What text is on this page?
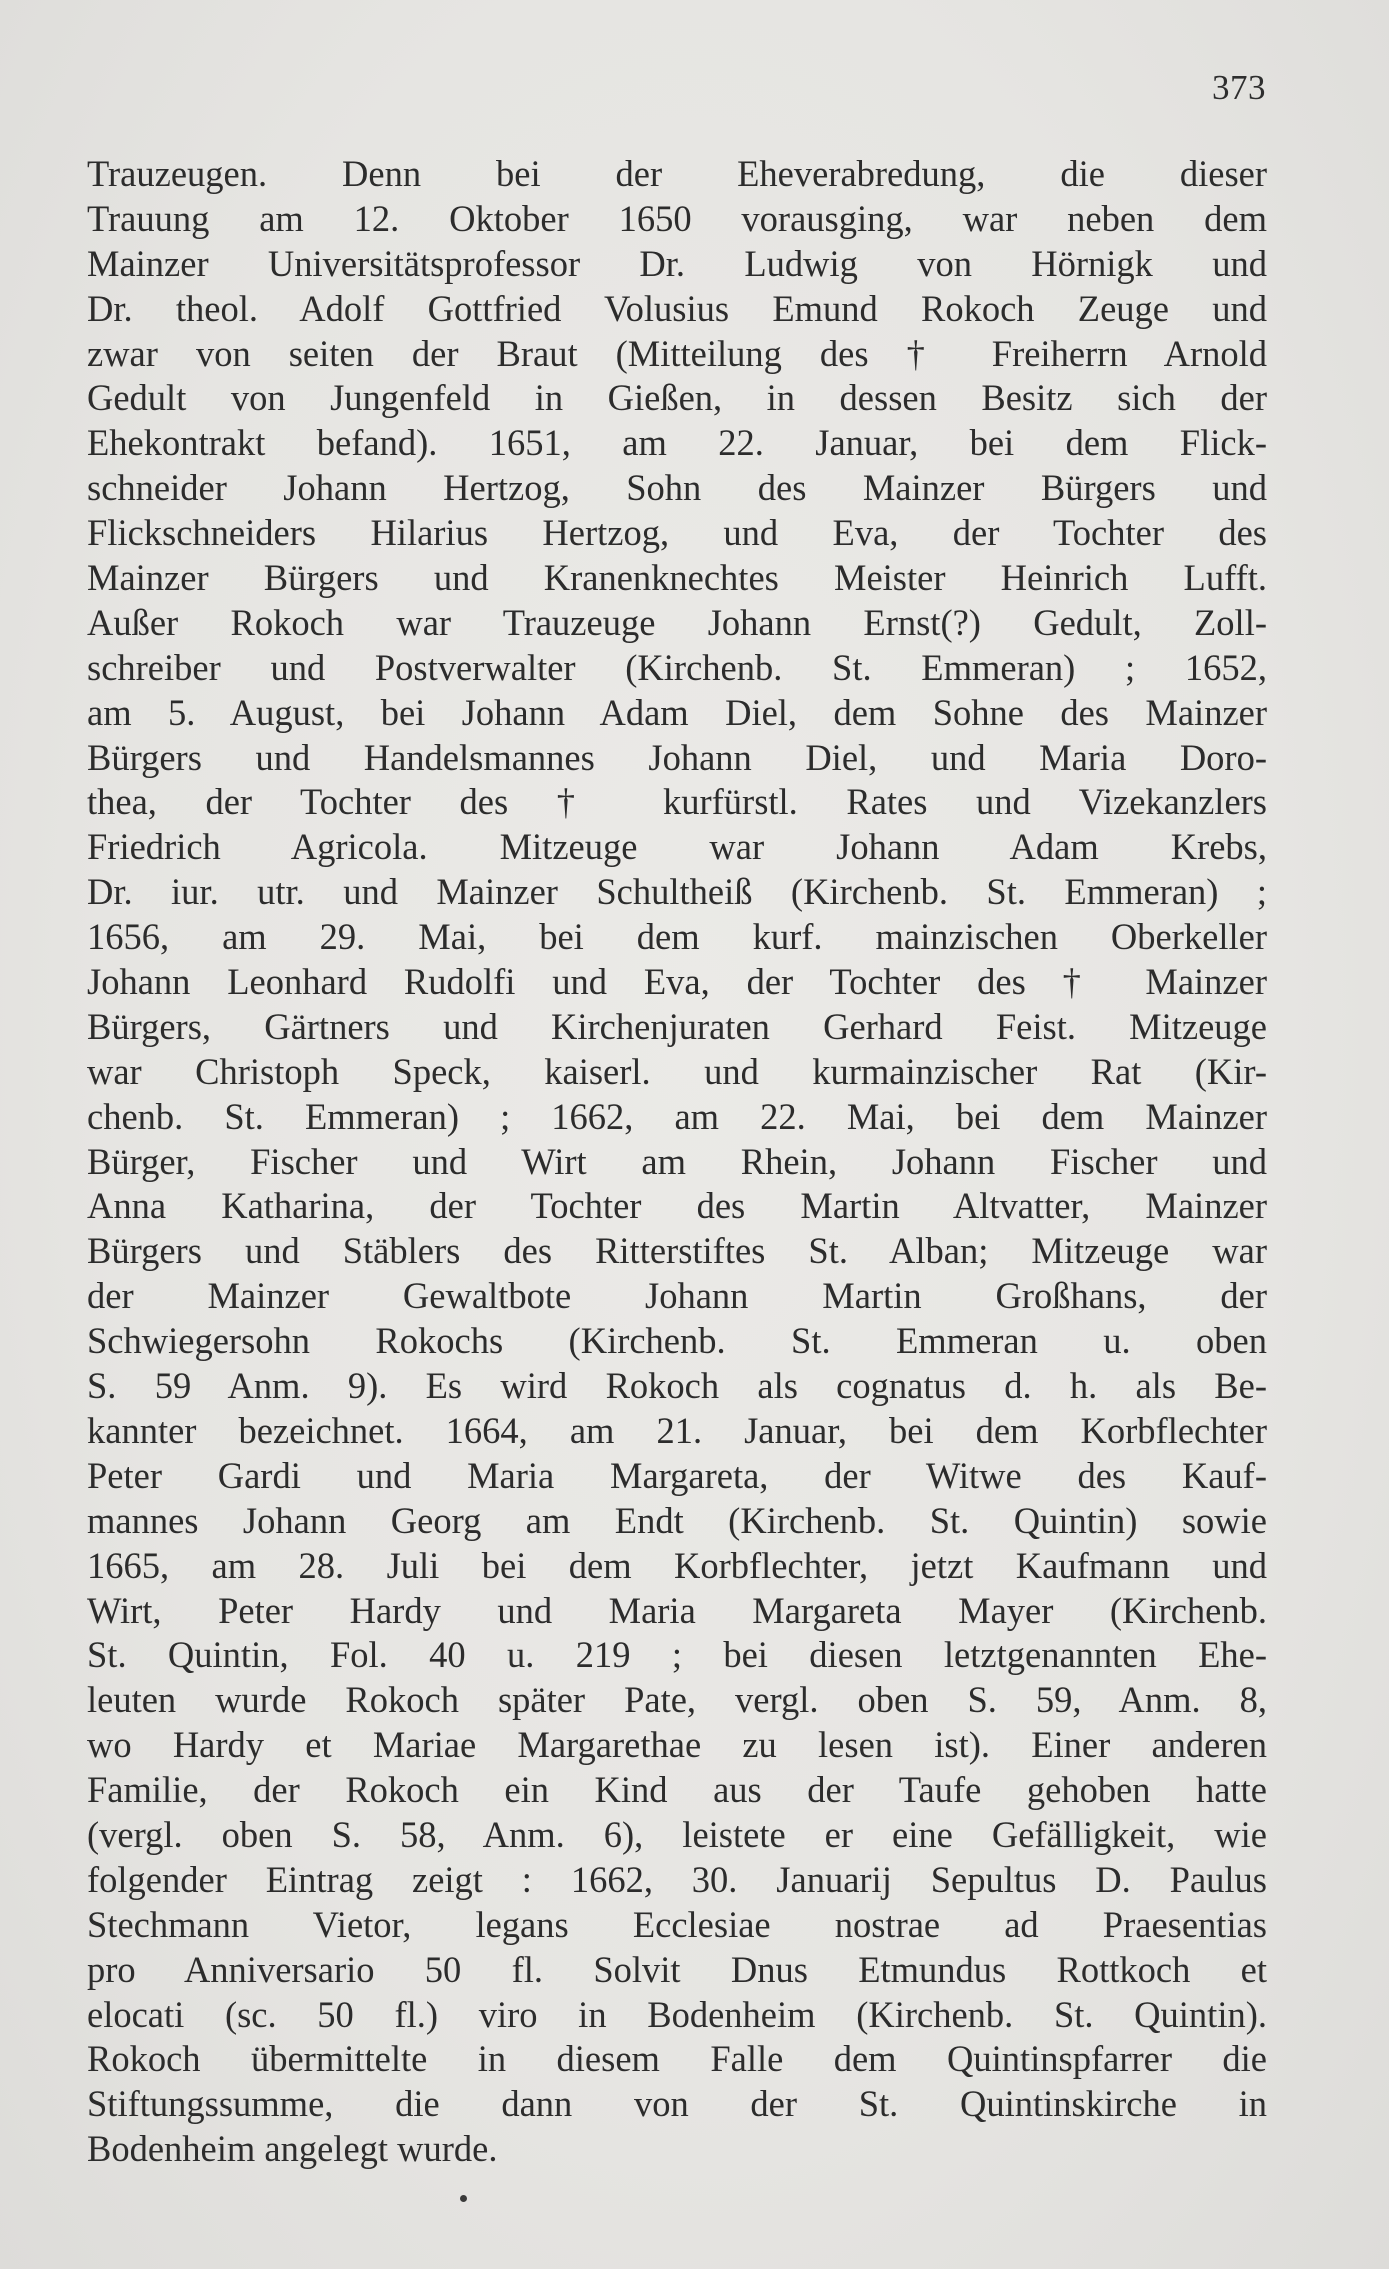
373
Trauzeugen. Denn bei der Eheverabredung, die dieser
Trauung am 12. Oktober 1650 vorausging, war neben dem
Mainzer Universitätsprofessor Dr. Ludwig von Hörnigk und
Dr. theol. Adolf Gottfried Volusius Emund Rokoch Zeuge und
zwar von seiten der Braut (Mitteilung des † Freiherrn Arnold
Gedult von Jungenfeld in Gießen, in dessen Besitz sich der
Ehekontrakt befand). 1651, am 22. Januar, bei dem Flick-
schneider Johann Hertzog, Sohn des Mainzer Bürgers und
Flickschneiders Hilarius Hertzog, und Eva, der Tochter des
Mainzer Bürgers und Kranenknechtes Meister Heinrich Lufft.
Außer Rokoch war Trauzeuge Johann Ernst(?) Gedult, Zoll-
schreiber und Postverwalter (Kirchenb. St. Emmeran) ; 1652,
am 5. August, bei Johann Adam Diel, dem Sohne des Mainzer
Bürgers und Handelsmannes Johann Diel, und Maria Doro-
thea, der Tochter des † kurfürstl. Rates und Vizekanzlers
Friedrich Agricola. Mitzeuge war Johann Adam Krebs,
Dr. iur. utr. und Mainzer Schultheiß (Kirchenb. St. Emmeran) ;
1656, am 29. Mai, bei dem kurf. mainzischen Oberkeller
Johann Leonhard Rudolfi und Eva, der Tochter des † Mainzer
Bürgers, Gärtners und Kirchenjuraten Gerhard Feist. Mitzeuge
war Christoph Speck, kaiserl. und kurmainzischer Rat (Kir-
chenb. St. Emmeran) ; 1662, am 22. Mai, bei dem Mainzer
Bürger, Fischer und Wirt am Rhein, Johann Fischer und
Anna Katharina, der Tochter des Martin Altvatter, Mainzer
Bürgers und Stäblers des Ritterstiftes St. Alban; Mitzeuge war
der Mainzer Gewaltbote Johann Martin Großhans, der
Schwiegersohn Rokochs (Kirchenb. St. Emmeran u. oben
S. 59 Anm. 9). Es wird Rokoch als cognatus d. h. als Be-
kannter bezeichnet. 1664, am 21. Januar, bei dem Korbflechter
Peter Gardi und Maria Margareta, der Witwe des Kauf-
mannes Johann Georg am Endt (Kirchenb. St. Quintin) sowie
1665, am 28. Juli bei dem Korbflechter, jetzt Kaufmann und
Wirt, Peter Hardy und Maria Margareta Mayer (Kirchenb.
St. Quintin, Fol. 40 u. 219 ; bei diesen letztgenannten Ehe-
leuten wurde Rokoch später Pate, vergl. oben S. 59, Anm. 8,
wo Hardy et Mariae Margarethae zu lesen ist). Einer anderen
Familie, der Rokoch ein Kind aus der Taufe gehoben hatte
(vergl. oben S. 58, Anm. 6), leistete er eine Gefälligkeit, wie
folgender Eintrag zeigt : 1662, 30. Januarij Sepultus D. Paulus
Stechmann Vietor, legans Ecclesiae nostrae ad Praesentias
pro Anniversario 50 fl. Solvit Dnus Etmundus Rottkoch et
elocati (sc. 50 fl.) viro in Bodenheim (Kirchenb. St. Quintin).
Rokoch übermittelte in diesem Falle dem Quintinspfarrer die
Stiftungssumme, die dann von der St. Quintinskirche in
Bodenheim angelegt wurde.
